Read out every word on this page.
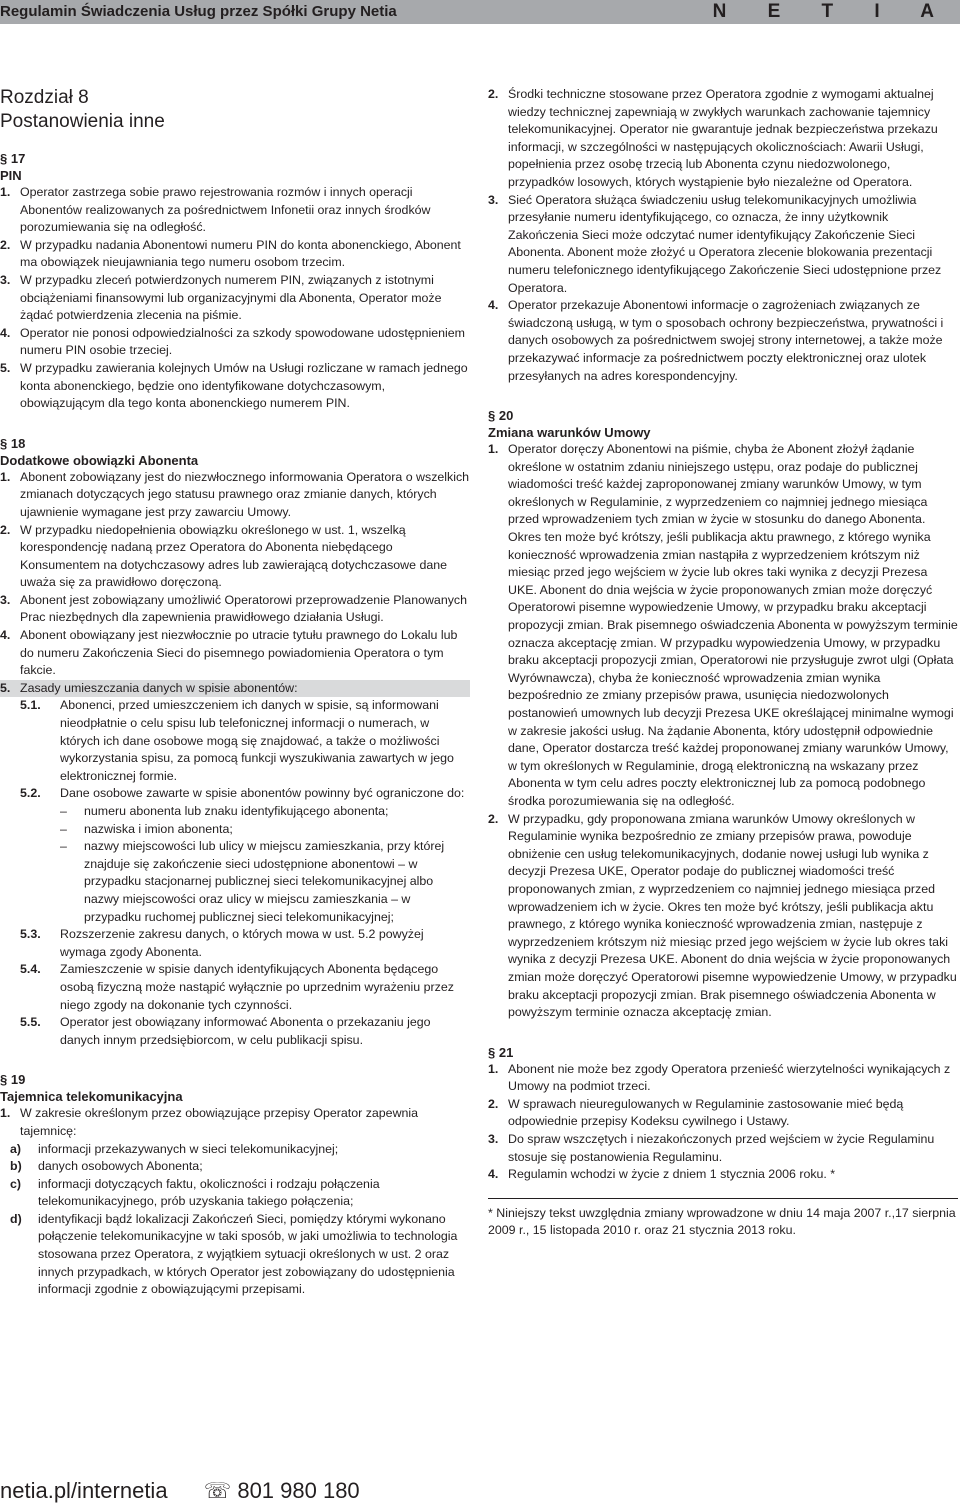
Regulamin Świadczenia Usług przez Spółki Grupy Netia	N E T I A
Rozdział 8
Postanowienia inne
§ 17
PIN
1. Operator zastrzega sobie prawo rejestrowania rozmów i innych operacji Abonentów realizowanych za pośrednictwem Infonetii oraz innych środków porozumiewania się na odległość.
2. W przypadku nadania Abonentowi numeru PIN do konta abonenckiego, Abonent ma obowiązek nieujawniania tego numeru osobom trzecim.
3. W przypadku zleceń potwierdzonych numerem PIN, związanych z istotnymi obciążeniami finansowymi lub organizacyjnymi dla Abonenta, Operator może żądać potwierdzenia zlecenia na piśmie.
4. Operator nie ponosi odpowiedzialności za szkody spowodowane udostępnieniem numeru PIN osobie trzeciej.
5. W przypadku zawierania kolejnych Umów na Usługi rozliczane w ramach jednego konta abonenckiego, będzie ono identyfikowane dotychczasowym, obowiązującym dla tego konta abonenckiego numerem PIN.
§ 18
Dodatkowe obowiązki Abonenta
1. Abonent zobowiązany jest do niezwłocznego informowania Operatora o wszelkich zmianach dotyczących jego statusu prawnego oraz zmianie danych, których ujawnienie wymagane jest przy zawarciu Umowy.
2. W przypadku niedopełnienia obowiązku określonego w ust. 1, wszelką korespondencję nadaną przez Operatora do Abonenta niebędącego Konsumentem na dotychczasowy adres lub zawierającą dotychczasowe dane uważa się za prawidłowo doręczoną.
3. Abonent jest zobowiązany umożliwić Operatorowi przeprowadzenie Planowanych Prac niezbędnych dla zapewnienia prawidłowego działania Usługi.
4. Abonent obowiązany jest niezwłocznie po utracie tytułu prawnego do Lokalu lub do numeru Zakończenia Sieci do pisemnego powiadomienia Operatora o tym fakcie.
5. Zasady umieszczania danych w spisie abonentów:
5.1. Abonenci, przed umieszczeniem ich danych w spisie, są informowani nieodpłatnie o celu spisu lub telefonicznej informacji o numerach, w których ich dane osobowe mogą się znajdować, a także o możliwości wykorzystania spisu, za pomocą funkcji wyszukiwania zawartych w jego elektronicznej formie.
5.2. Dane osobowe zawarte w spisie abonentów powinny być ograniczone do:
– numeru abonenta lub znaku identyfikującego abonenta;
– nazwiska i imion abonenta;
– nazwy miejscowości lub ulicy w miejscu zamieszkania, przy której znajduje się zakończenie sieci udostępnione abonentowi – w przypadku stacjonarnej publicznej sieci telekomunikacyjnej albo nazwy miejscowości oraz ulicy w miejscu zamieszkania – w przypadku ruchomej publicznej sieci telekomunikacyjnej;
5.3. Rozszerzenie zakresu danych, o których mowa w ust. 5.2 powyżej wymaga zgody Abonenta.
5.4. Zamieszczenie w spisie danych identyfikujących Abonenta będącego osobą fizyczną może nastąpić wyłącznie po uprzednim wyrażeniu przez niego zgody na dokonanie tych czynności.
5.5. Operator jest obowiązany informować Abonenta o przekazaniu jego danych innym przedsiębiorcom, w celu publikacji spisu.
§ 19
Tajemnica telekomunikacyjna
1. W zakresie określonym przez obowiązujące przepisy Operator zapewnia tajemnicę:
a) informacji przekazywanych w sieci telekomunikacyjnej;
b) danych osobowych Abonenta;
c) informacji dotyczących faktu, okoliczności i rodzaju połączenia telekomunikacyjnego, prób uzyskania takiego połączenia;
d) identyfikacji bądź lokalizacji Zakończeń Sieci, pomiędzy którymi wykonano połączenie telekomunikacyjne w taki sposób, w jaki umożliwia to technologia stosowana przez Operatora, z wyjątkiem sytuacji określonych w ust. 2 oraz innych przypadkach, w których Operator jest zobowiązany do udostępnienia informacji zgodnie z obowiązującymi przepisami.
2. Środki techniczne stosowane przez Operatora zgodnie z wymogami aktualnej wiedzy technicznej zapewniają w zwykłych warunkach zachowanie tajemnicy telekomunikacyjnej. Operator nie gwarantuje jednak bezpieczeństwa przekazu informacji, w szczególności w następujących okolicznościach: Awarii Usługi, popełnienia przez osobę trzecią lub Abonenta czynu niedozwolonego, przypadków losowych, których wystąpienie było niezależne od Operatora.
3. Sieć Operatora służąca świadczeniu usług telekomunikacyjnych umożliwia przesyłanie numeru identyfikującego, co oznacza, że inny użytkownik Zakończenia Sieci może odczytać numer identyfikujący Zakończenie Sieci Abonenta. Abonent może złożyć u Operatora zlecenie blokowania prezentacji numeru telefonicznego identyfikującego Zakończenie Sieci udostępnione przez Operatora.
4. Operator przekazuje Abonentowi informacje o zagrożeniach związanych ze świadczoną usługą, w tym o sposobach ochrony bezpieczeństwa, prywatności i danych osobowych za pośrednictwem swojej strony internetowej, a także może przekazywać informacje za pośrednictwem poczty elektronicznej oraz ulotek przesyłanych na adres korespondencyjny.
§ 20
Zmiana warunków Umowy
1. Operator doręczy Abonentowi na piśmie, chyba że Abonent złożył żądanie określone w ostatnim zdaniu niniejszego ustępu, oraz podaje do publicznej wiadomości treść każdej zaproponowanej zmiany warunków Umowy, w tym określonych w Regulaminie, z wyprzedzeniem co najmniej jednego miesiąca przed wprowadzeniem tych zmian w życie w stosunku do danego Abonenta. Okres ten może być krótszy, jeśli publikacja aktu prawnego, z którego wynika konieczność wprowadzenia zmian nastąpiła z wyprzedzeniem krótszym niż miesiąc przed jego wejściem w życie lub okres taki wynika z decyzji Prezesa UKE. Abonent do dnia wejścia w życie proponowanych zmian może doręczyć Operatorowi pisemne wypowiedzenie Umowy, w przypadku braku akceptacji propozycji zmian. Brak pisemnego oświadczenia Abonenta w powyższym terminie oznacza akceptację zmian. W przypadku wypowiedzenia Umowy, w przypadku braku akceptacji propozycji zmian, Operatorowi nie przysługuje zwrot ulgi (Opłata Wyrównawcza), chyba że konieczność wprowadzenia zmian wynika bezpośrednio ze zmiany przepisów prawa, usunięcia niedozwolonych postanowień umownych lub decyzji Prezesa UKE określającej minimalne wymogi w zakresie jakości usług. Na żądanie Abonenta, który udostępnił odpowiednie dane, Operator dostarcza treść każdej proponowanej zmiany warunków Umowy, w tym określonych w Regulaminie, drogą elektroniczną na wskazany przez Abonenta w tym celu adres poczty elektronicznej lub za pomocą podobnego środka porozumiewania się na odległość.
2. W przypadku, gdy proponowana zmiana warunków Umowy określonych w Regulaminie wynika bezpośrednio ze zmiany przepisów prawa, powoduje obniżenie cen usług telekomunikacyjnych, dodanie nowej usługi lub wynika z decyzji Prezesa UKE, Operator podaje do publicznej wiadomości treść proponowanych zmian, z wyprzedzeniem co najmniej jednego miesiąca przed wprowadzeniem ich w życie. Okres ten może być krótszy, jeśli publikacja aktu prawnego, z którego wynika konieczność wprowadzenia zmian, następuje z wyprzedzeniem krótszym niż miesiąc przed jego wejściem w życie lub okres taki wynika z decyzji Prezesa UKE. Abonent do dnia wejścia w życie proponowanych zmian może doręczyć Operatorowi pisemne wypowiedzenie Umowy, w przypadku braku akceptacji propozycji zmian. Brak pisemnego oświadczenia Abonenta w powyższym terminie oznacza akceptację zmian.
§ 21
1. Abonent nie może bez zgody Operatora przenieść wierzytelności wynikających z Umowy na podmiot trzeci.
2. W sprawach nieuregulowanych w Regulaminie zastosowanie mieć będą odpowiednie przepisy Kodeksu cywilnego i Ustawy.
3. Do spraw wszczętych i niezakończonych przed wejściem w życie Regulaminu stosuje się postanowienia Regulaminu.
4. Regulamin wchodzi w życie z dniem 1 stycznia 2006 roku. *
* Niniejszy tekst uwzględnia zmiany wprowadzone w dniu 14 maja 2007 r.,17 sierpnia 2009 r., 15 listopada 2010 r. oraz 21 stycznia 2013 roku.
netia.pl/internetia ☏ 801 980 180
